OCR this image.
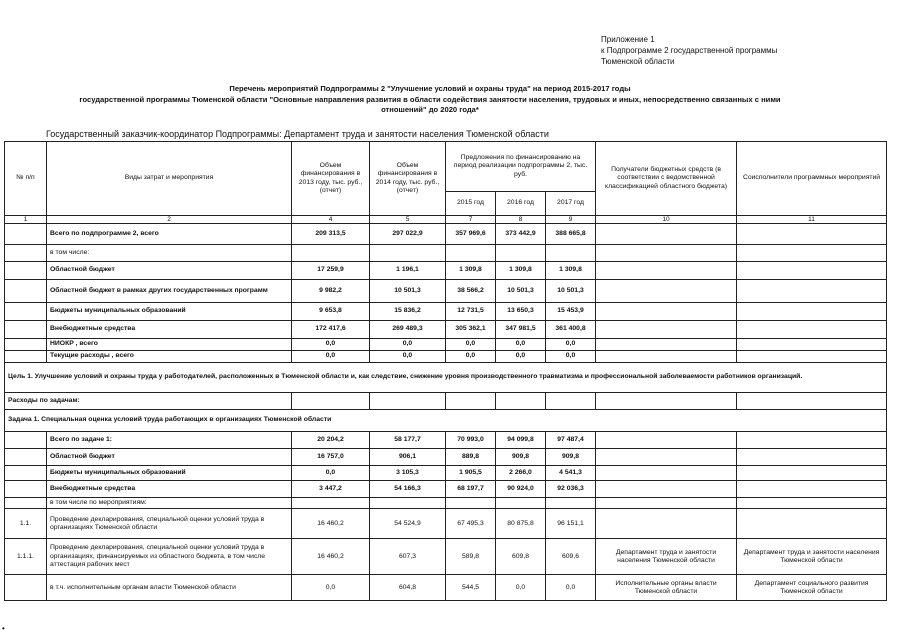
Приложение 1
к Подпрограмме 2 государственной программы
Тюменской области
Перечень мероприятий Подпрограммы 2 "Улучшение условий и охраны труда" на период 2015-2017 годы
государственной программы Тюменской области "Основные направления развития в области содействия занятости населения, трудовых и иных, непосредственно связанных с ними
отношений" до 2020 года*
Государственный заказчик-координатор Подпрограммы: Департамент труда и занятости населения Тюменской области
№ п/п	Виды затрат и мероприятия	Объем финансирования в 2013 году, тыс. руб., (отчет)	Объем финансирования в 2014 году, тыс. руб., (отчет)	Предложения по финансированию на период реализации подпрограммы 2, тыс. руб.			Получатели бюджетных средств (в соответствии с ведомственной классификацией областного бюджета)	Соисполнители программных мероприятий
				2015 год	2016 год	2017 год		
1	2	4	5	7	8	9	10	11
	Всего по подпрограмме 2, всего	209 313,5	297 022,9	357 969,6	373 442,9	388 665,8		
	в том числе:							
	Областной бюджет	17 259,9	1 196,1	1 309,8	1 309,8	1 309,8		
	Областной бюджет в рамках других государственных программ	9 982,2	10 501,3	38 566,2	10 501,3	10 501,3		
	Бюджеты муниципальных образований	9 653,8	15 836,2	12 731,5	13 650,3	15 453,9		
	Внебюджетные средства	172 417,6	269 489,3	305 362,1	347 981,5	361 400,8		
	НИОКР , всего	0,0	0,0	0,0	0,0	0,0		
	Текущие расходы , всего	0,0	0,0	0,0	0,0	0,0		
Цель 1. Улучшение условий и охраны труда у работодателей, расположенных в Тюменской области и, как следствие, снижение уровня производственного травматизма и профессиональной заболеваемости работников организаций.								
Расходы по задачам:								
Задача 1. Специальная оценка условий труда работающих в организациях Тюменской области								
	Всего по задаче 1:	20 204,2	58 177,7	70 993,0	94 099,8	97 487,4		
	Областной бюджет	16 757,0	906,1	889,8	909,8	909,8		
	Бюджеты муниципальных образований	0,0	3 105,3	1 905,5	2 266,0	4 541,3		
	Внебюджетные средства	3 447,2	54 166,3	68 197,7	90 924,0	92 036,3		
	в том числе по мероприятиям:							
1.1.	Проведение декларирования, специальной оценки условий труда в организациях Тюменской области	16 460,2	54 524,9	67 495,3	80 875,8	96 151,1		
1.1.1.	Проведение декларирования, специальной оценки условий труда в организациях, финансируемых из областного бюджета, в том числе аттестация рабочих мест	16 460,2	607,3	589,8	609,8	609,6	Департамент труда и занятости населения Тюменской области	Департамент труда и занятости населения Тюменской области
	в т.ч. исполнительным органам власти Тюменской области	0,0	604,8	544,5	0,0	0,0	Исполнительные органы власти Тюменской области	Департамент социального развития Тюменской области
•
